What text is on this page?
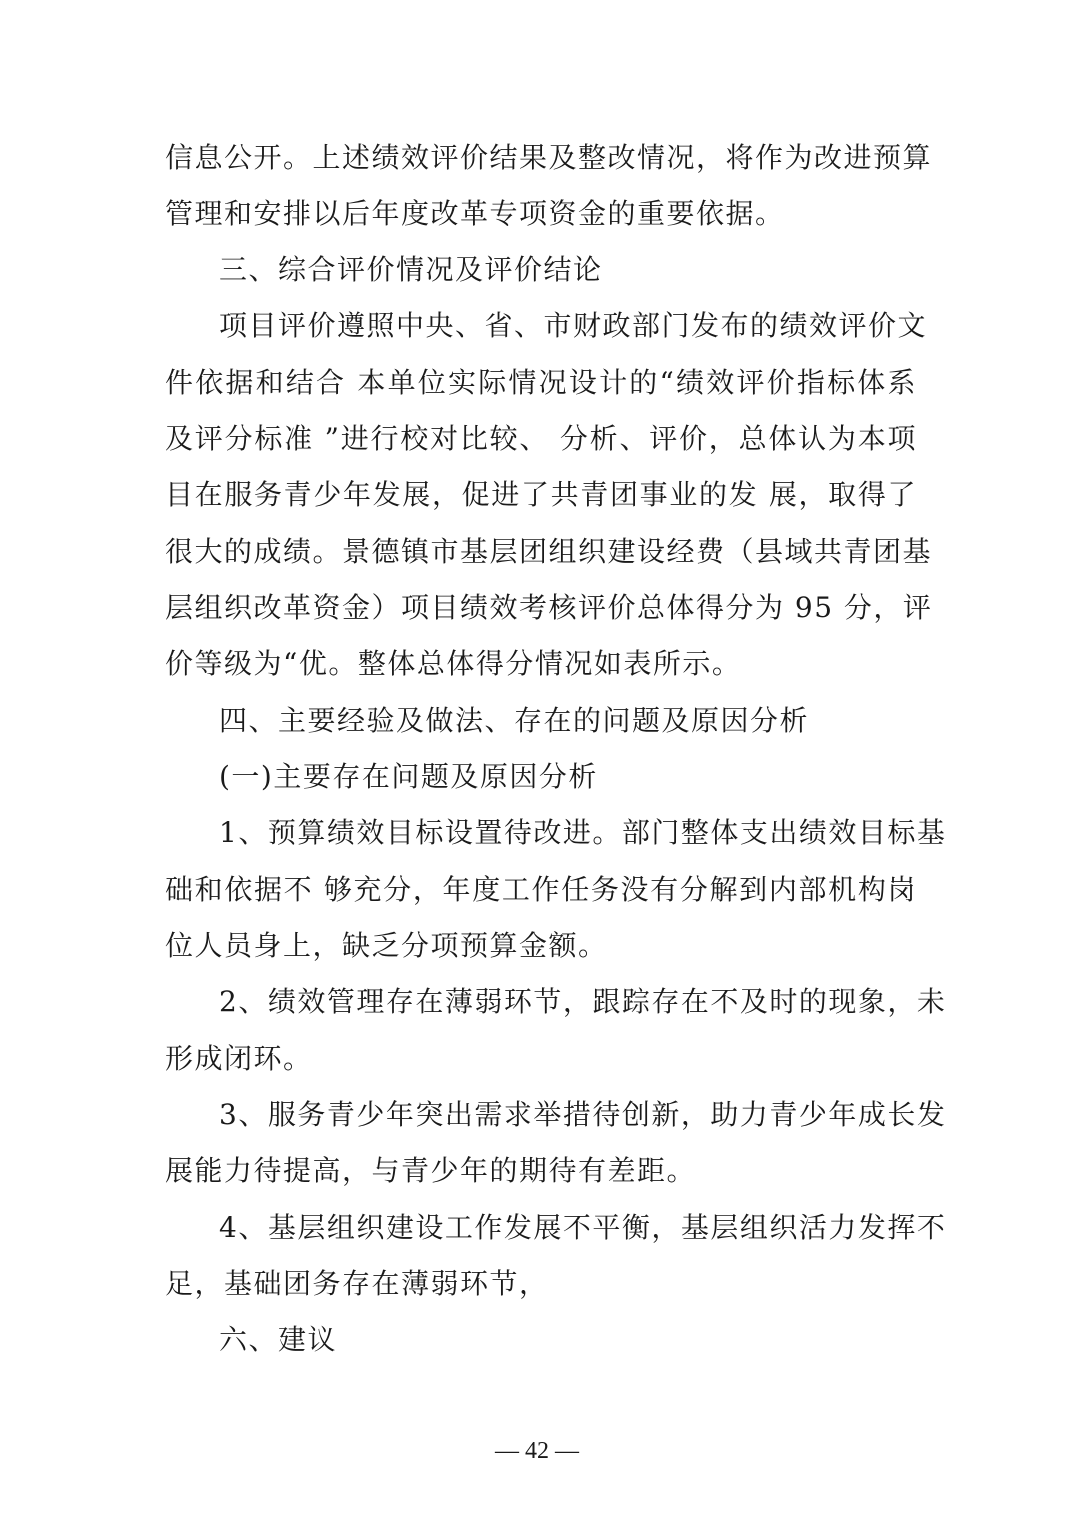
信息公开。上述绩效评价结果及整改情况，将作为改进预算
管理和安排以后年度改革专项资金的重要依据。
三、综合评价情况及评价结论
项目评价遵照中央、省、市财政部门发布的绩效评价文
件依据和结合 本单位实际情况设计的“绩效评价指标体系
及评分标准 ”进行校对比较、 分析、评价，总体认为本项
目在服务青少年发展，促进了共青团事业的发 展，取得了
很大的成绩。景德镇市基层团组织建设经费（县域共青团基
层组织改革资金）项目绩效考核评价总体得分为 95 分，评
价等级为“优。整体总体得分情况如表所示。
四、主要经验及做法、存在的问题及原因分析
(一)主要存在问题及原因分析
1、预算绩效目标设置待改进。部门整体支出绩效目标基
础和依据不 够充分，年度工作任务没有分解到内部机构岗
位人员身上，缺乏分项预算金额。
2、绩效管理存在薄弱环节，跟踪存在不及时的现象，未
形成闭环。
3、服务青少年突出需求举措待创新，助力青少年成长发
展能力待提高，与青少年的期待有差距。
4、基层组织建设工作发展不平衡，基层组织活力发挥不
足，基础团务存在薄弱环节，
六、建议
— 42 —
